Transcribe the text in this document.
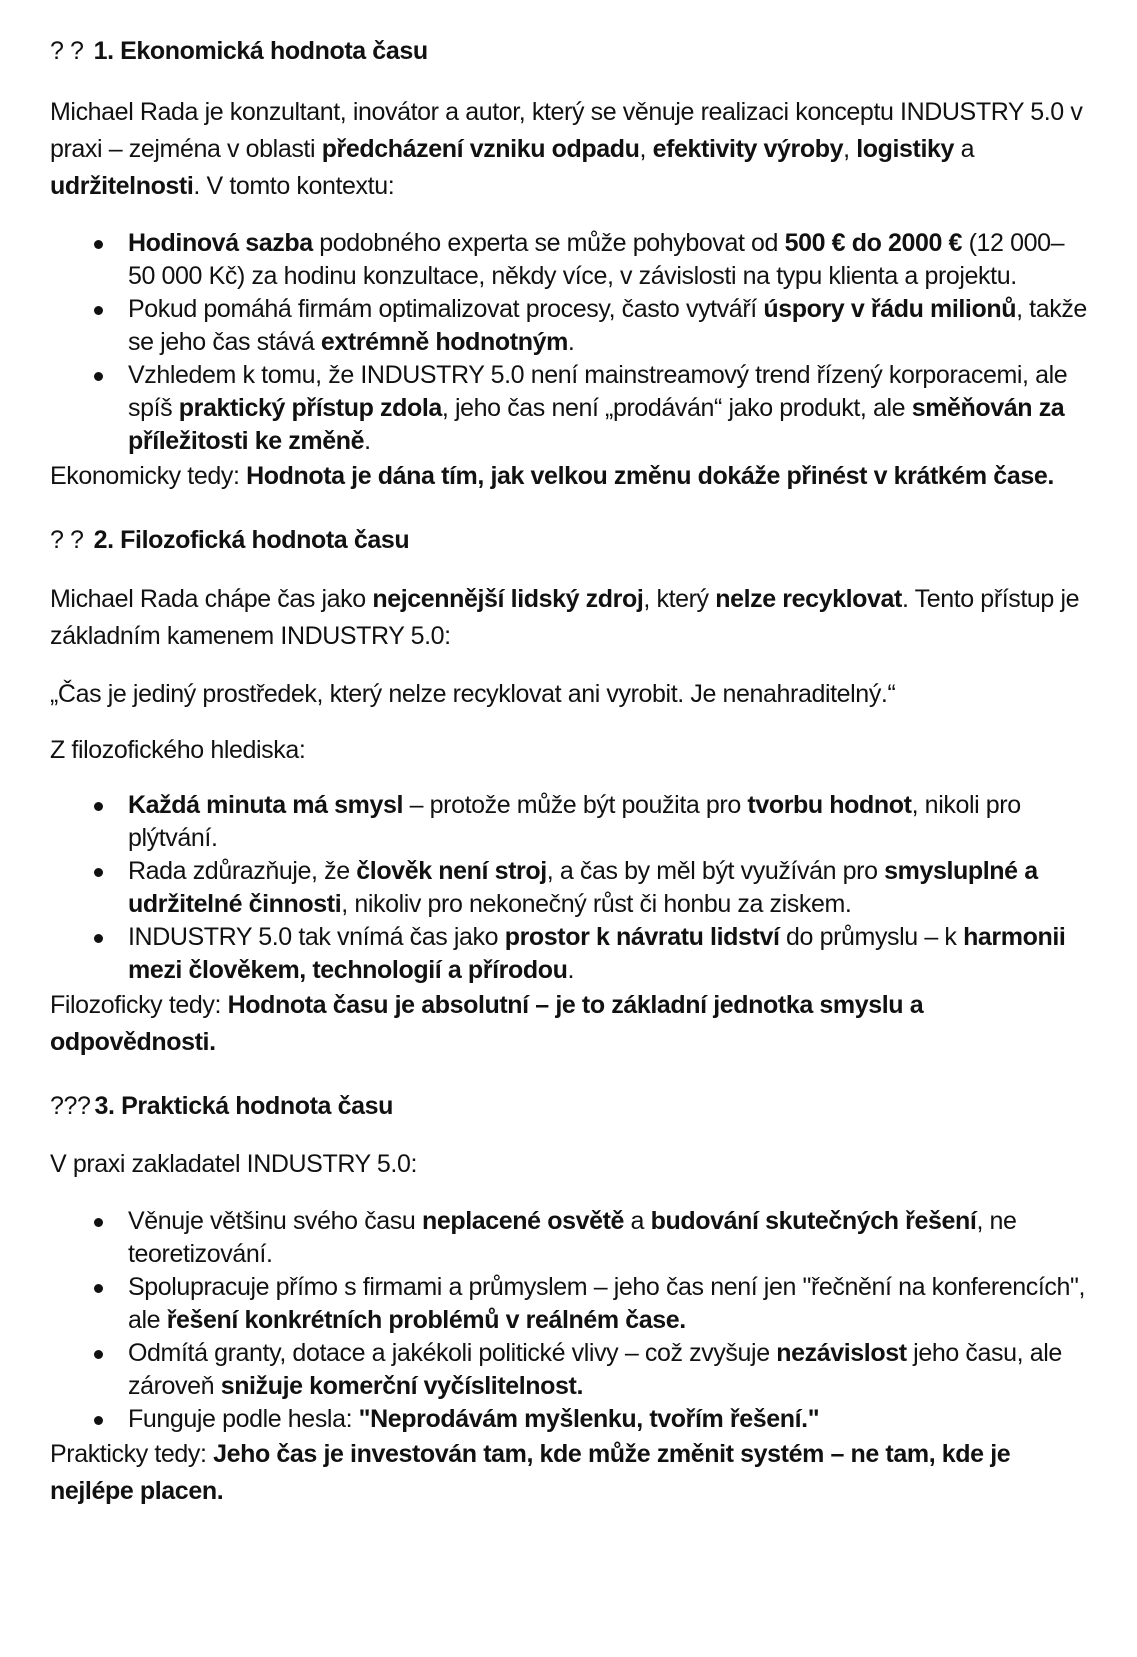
? ? 1. Ekonomická hodnota času

Michael Rada je konzultant, inovátor a autor, který se věnuje realizaci konceptu INDUSTRY 5.0 v praxi – zejména v oblasti předcházení vzniku odpadu, efektivity výroby, logistiky a udržitelnosti. V tomto kontextu:

Hodinová sazba podobného experta se může pohybovat od 500 € do 2000 € (12 000–50 000 Kč) za hodinu konzultace, někdy více, v závislosti na typu klienta a projektu.
Pokud pomáhá firmám optimalizovat procesy, často vytváří úspory v řádu milionů, takže se jeho čas stává extrémně hodnotným.
Vzhledem k tomu, že INDUSTRY 5.0 není mainstreamový trend řízený korporacemi, ale spíš praktický přístup zdola, jeho čas není „prodáván“ jako produkt, ale směňován za příležitosti ke změně.

Ekonomicky tedy: Hodnota je dána tím, jak velkou změnu dokáže přinést v krátkém čase.

? ? 2. Filozofická hodnota času

Michael Rada chápe čas jako nejcennější lidský zdroj, který nelze recyklovat. Tento přístup je základním kamenem INDUSTRY 5.0:

„Čas je jediný prostředek, který nelze recyklovat ani vyrobit. Je nenahraditelný.“

Z filozofického hlediska:

Každá minuta má smysl – protože může být použita pro tvorbu hodnot, nikoli pro plýtvání.
Rada zdůrazňuje, že člověk není stroj, a čas by měl být využíván pro smysluplné a udržitelné činnosti, nikoliv pro nekonečný růst či honbu za ziskem.
INDUSTRY 5.0 tak vnímá čas jako prostor k návratu lidství do průmyslu – k harmonii mezi člověkem, technologií a přírodou.

Filozoficky tedy: Hodnota času je absolutní – je to základní jednotka smyslu a odpovědnosti.

??? 3. Praktická hodnota času

V praxi zakladatel INDUSTRY 5.0:

Věnuje většinu svého času neplacené osvětě a budování skutečných řešení, ne teoretizování.
Spolupracuje přímo s firmami a průmyslem – jeho čas není jen "řečnění na konferencích", ale řešení konkrétních problémů v reálném čase.
Odmítá granty, dotace a jakékoli politické vlivy – což zvyšuje nezávislost jeho času, ale zároveň snižuje komerční vyčíslitelnost.
Funguje podle hesla: "Neprodávám myšlenku, tvořím řešení."

Prakticky tedy: Jeho čas je investován tam, kde může změnit systém – ne tam, kde je nejlépe placen.
